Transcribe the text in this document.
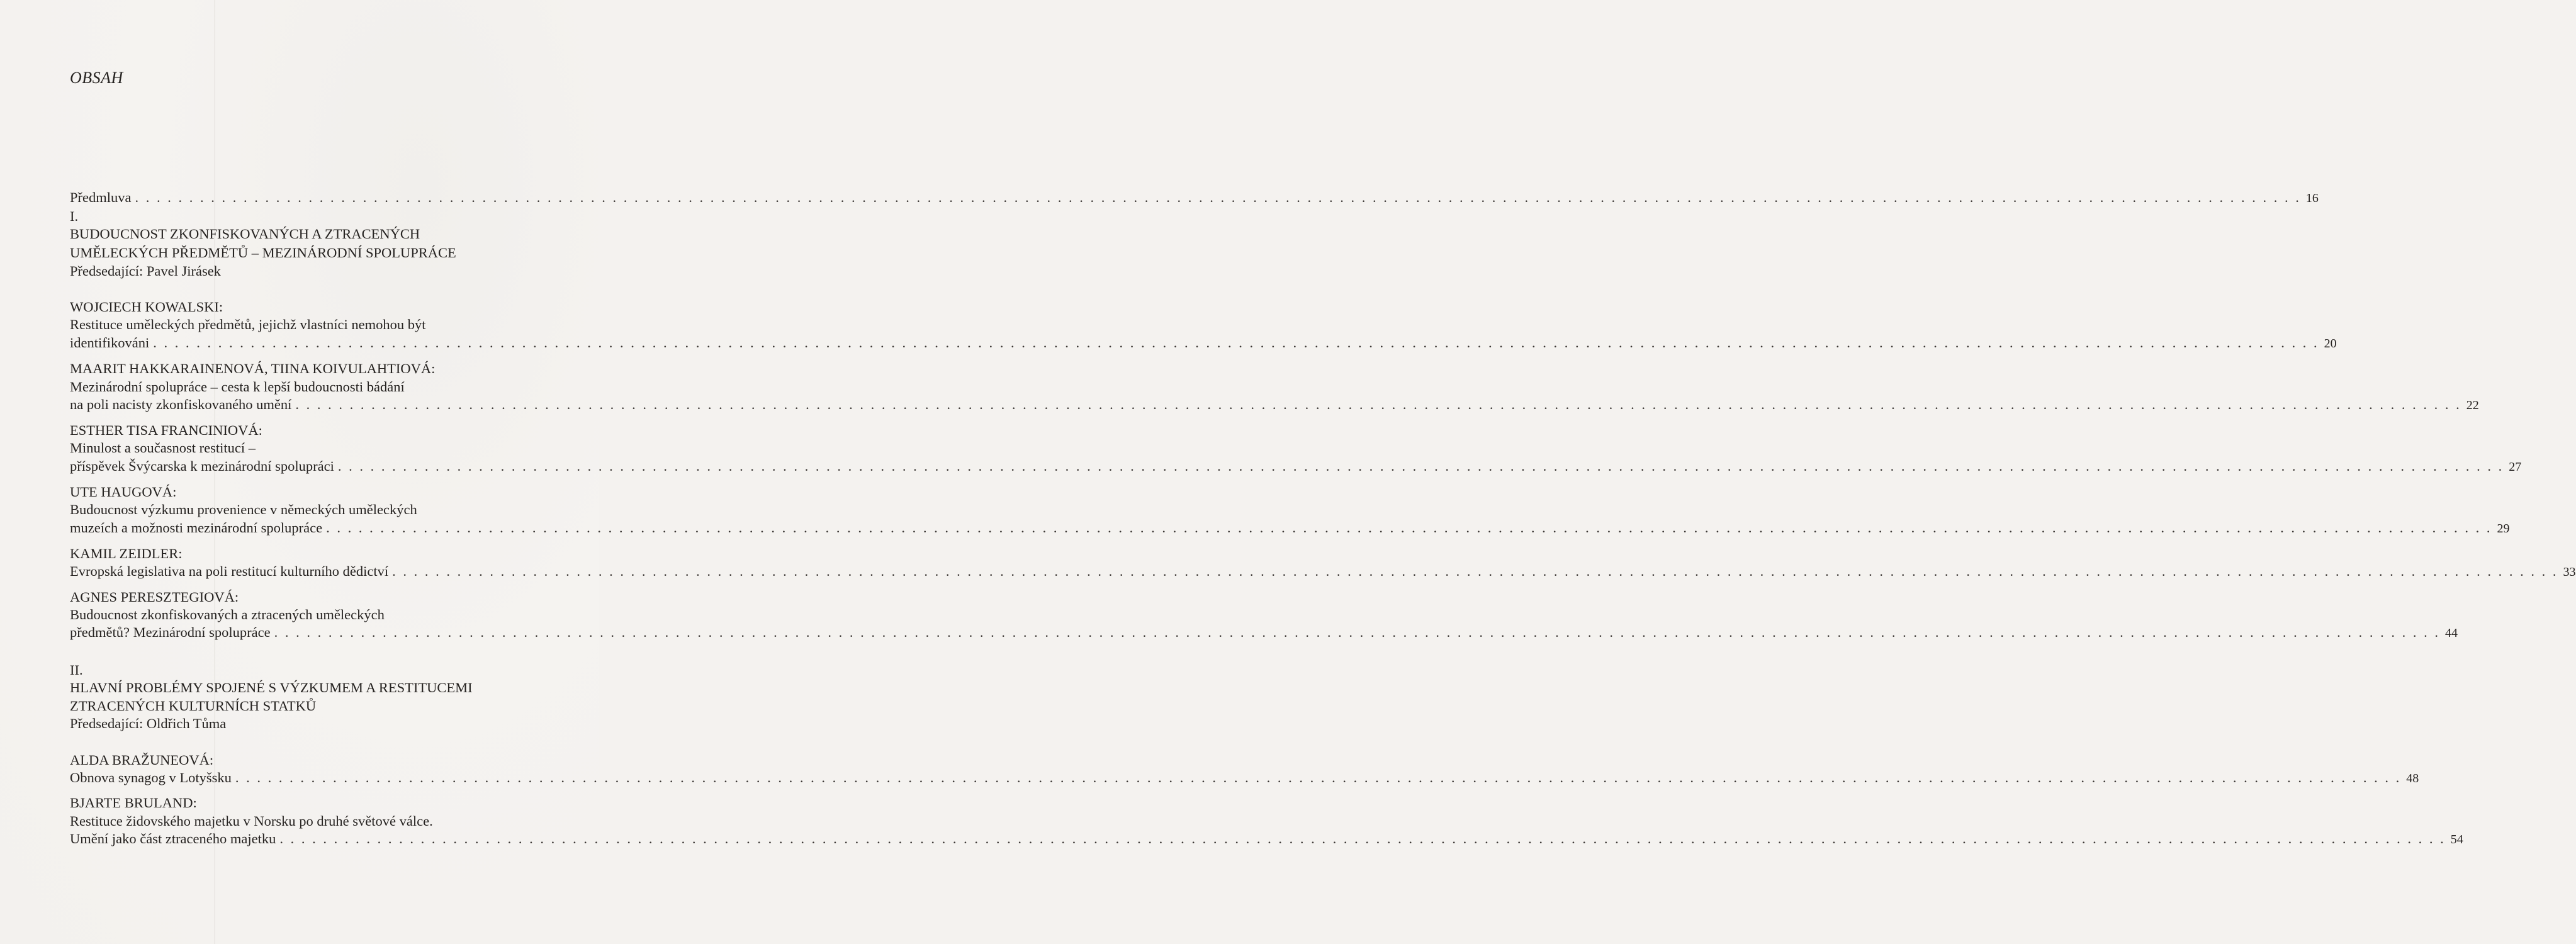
OBSAH
Předmluva . . . . . . . . . . . . . . . . . . . . . . . . . . . . . . . . . . . . . . . . . . . . . . . . . . . . . . . . . . . . . . . . . . . . . . . . . . . . . . . . . . . . . . . . . . . . . . . . . . . . . . . . . . . . . . . . . . . . . . . . . . . . . . . . . . . . . . . . . . . . . . . . . . . . . . . . . . . . . . . . . . . . . . . . . . . . . . . . . . . . . . . . . . . . . . . . . . . . . . . . 16
I.
BUDOUCNOST ZKONFISKOVANÝCH A ZTRACENÝCH
UMĚLECKÝCH PŘEDMĚTŮ – MEZINÁRODNÍ SPOLUPRÁCE
Předsedající: Pavel Jirásek
WOJCIECH KOWALSKI:
Restituce uměleckých předmětů, jejichž vlastníci nemohou být
identifikováni . . . . . . . . . . . . . . . . . . . . . . . . . . . . . . . . . . . . . . . . . . . . . . . . . . . . . . . . . . . . . . . . . . . . . . . . . . . . . . . . . . . . . . . . . . . . . . . . . . . . . . . . . . . . . . . . . . . . . . . . . . . . . . . . . . . . . . . . . . . . . . . . . . . . . . . . . . . . . . . . . . . . . . . . . . . . . . . . . . . . . . . . . . . . . . . . . . . . . . . . 20
MAARIT HAKKARAINENOVÁ, TIINA KOIVULAHTIOVÁ:
Mezinárodní spolupráce – cesta k lepší budoucnosti bádání
na poli nacisty zkonfiskovaného umění . . . . . . . . . . . . . . . . . . . . . . . . . . . . . . . . . . . . . . . . . . . . . . . . . . . . . . . . . . . . . . . . . . . . . . . . . . . . . . . . . . . . . . . . . . . . . . . . . . . . . . . . . . . . . . . . . . . . . . . . . . . . . . . . . . . . . . . . . . . . . . . . . . . . . . . . . . . . . . . . . . . . . . . . . . . . . . . . . . . . . . . . . . . . . . . . . . . . . . . . 22
ESTHER TISA FRANCINIOVÁ:
Minulost a současnost restitucí –
příspěvek Švýcarska k mezinárodní spolupráci . . . . . . . . . . . . . . . . . . . . . . . . . . . . . . . . . . . . . . . . . . . . . . . . . . . . . . . . . . . . . . . . . . . . . . . . . . . . . . . . . . . . . . . . . . . . . . . . . . . . . . . . . . . . . . . . . . . . . . . . . . . . . . . . . . . . . . . . . . . . . . . . . . . . . . . . . . . . . . . . . . . . . . . . . . . . . . . . . . . . . . . . . . . . . . . . . . . . . . . . 27
UTE HAUGOVÁ:
Budoucnost výzkumu provenience v německých uměleckých
muzeích a možnosti mezinárodní spolupráce . . . . . . . . . . . . . . . . . . . . . . . . . . . . . . . . . . . . . . . . . . . . . . . . . . . . . . . . . . . . . . . . . . . . . . . . . . . . . . . . . . . . . . . . . . . . . . . . . . . . . . . . . . . . . . . . . . . . . . . . . . . . . . . . . . . . . . . . . . . . . . . . . . . . . . . . . . . . . . . . . . . . . . . . . . . . . . . . . . . . . . . . . . . . . . . . . . . . . . . . 29
KAMIL ZEIDLER:
Evropská legislativa na poli restitucí kulturního dědictví . . . . . . . . . . . . . . . . . . . . . . . . . . . . . . . . . . . . . . . . . . . . . . . . . . . . . . . . . . . . . . . . . . . . . . . . . . . . . . . . . . . . . . . . . . . . . . . . . . . . . . . . . . . . . . . . . . . . . . . . . . . . . . . . . . . . . . . . . . . . . . . . . . . . . . . . . . . . . . . . . . . . . . . . . . . . . . . . . . . . . . . . . . . . . . . . . . . . . . . . 33
AGNES PERESZTEGIOVÁ:
Budoucnost zkonfiskovaných a ztracených uměleckých
předmětů? Mezinárodní spolupráce . . . . . . . . . . . . . . . . . . . . . . . . . . . . . . . . . . . . . . . . . . . . . . . . . . . . . . . . . . . . . . . . . . . . . . . . . . . . . . . . . . . . . . . . . . . . . . . . . . . . . . . . . . . . . . . . . . . . . . . . . . . . . . . . . . . . . . . . . . . . . . . . . . . . . . . . . . . . . . . . . . . . . . . . . . . . . . . . . . . . . . . . . . . . . . . . . . . . . . . . 44
II.
HLAVNÍ PROBLÉMY SPOJENÉ S VÝZKUMEM A RESTITUCEMI
ZTRACENÝCH KULTURNÍCH STATKŮ
Předsedající: Oldřich Tůma
ALDA BRAŽUNEOVÁ:
Obnova synagog v Lotyšsku . . . . . . . . . . . . . . . . . . . . . . . . . . . . . . . . . . . . . . . . . . . . . . . . . . . . . . . . . . . . . . . . . . . . . . . . . . . . . . . . . . . . . . . . . . . . . . . . . . . . . . . . . . . . . . . . . . . . . . . . . . . . . . . . . . . . . . . . . . . . . . . . . . . . . . . . . . . . . . . . . . . . . . . . . . . . . . . . . . . . . . . . . . . . . . . . . . . . . . . . 48
BJARTE BRULAND:
Restituce židovského majetku v Norsku po druhé světové válce.
Umění jako část ztraceného majetku . . . . . . . . . . . . . . . . . . . . . . . . . . . . . . . . . . . . . . . . . . . . . . . . . . . . . . . . . . . . . . . . . . . . . . . . . . . . . . . . . . . . . . . . . . . . . . . . . . . . . . . . . . . . . . . . . . . . . . . . . . . . . . . . . . . . . . . . . . . . . . . . . . . . . . . . . . . . . . . . . . . . . . . . . . . . . . . . . . . . . . . . . . . . . . . . . . . . . . . . 54
